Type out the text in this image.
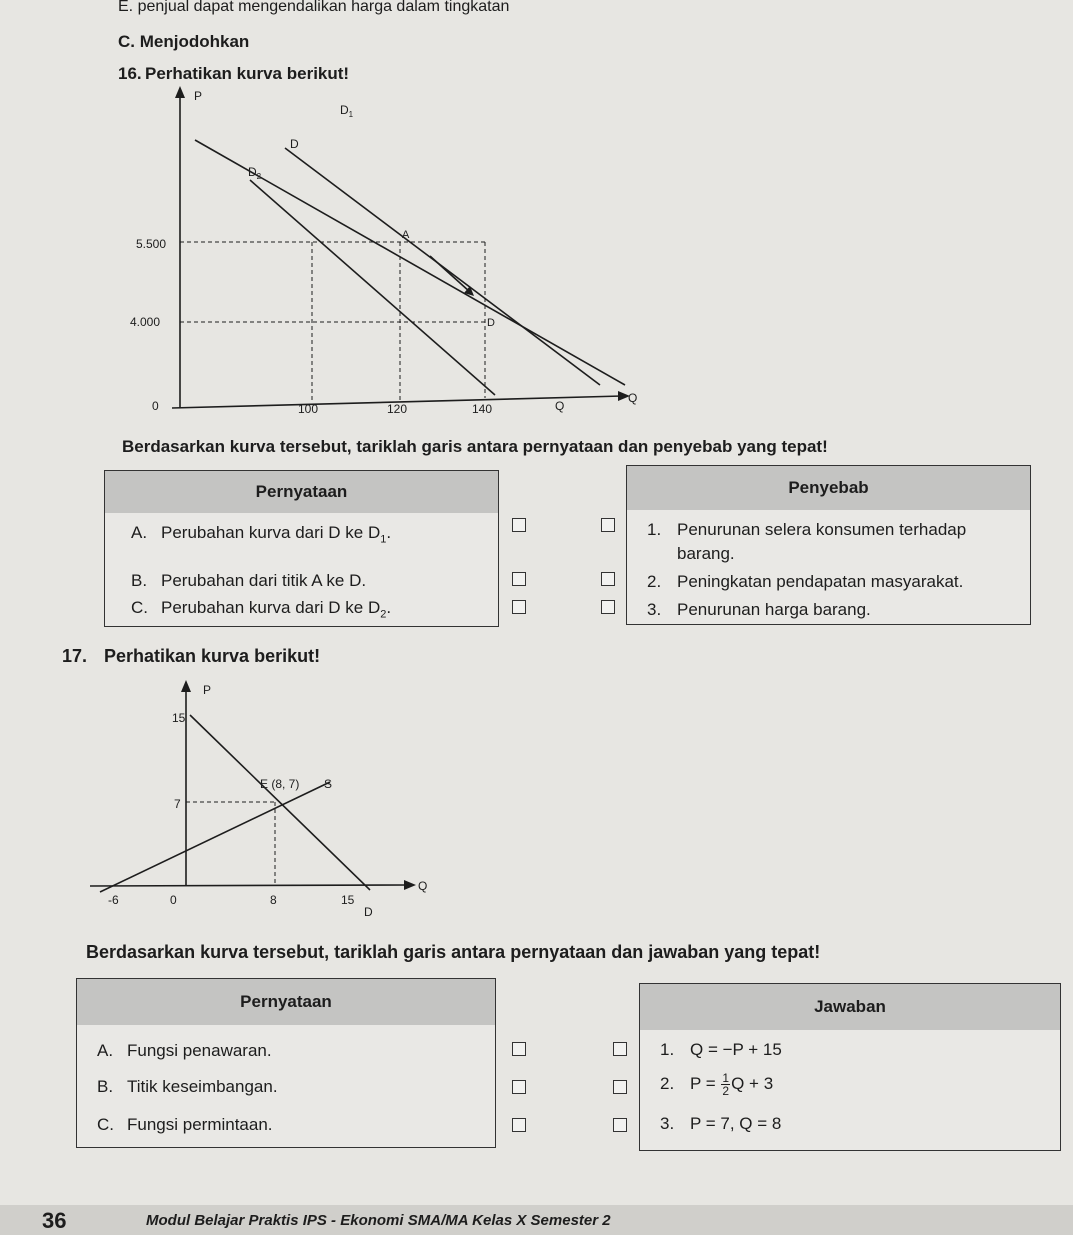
E. penjual dapat mengendalikan harga dalam tingkatan
C. Menjodohkan
16. Perhatikan kurva berikut!
P
Q
5.500
4.000
0	100	120	140	Q
D
$D_1$
$D_2$
A
D
Berdasarkan kurva tersebut, tariklah garis antara pernyataan dan penyebab yang tepat!
Pernyataan
A. Perubahan kurva dari D ke $D_1$.
B. Perubahan dari titik A ke D.
C. Perubahan kurva dari D ke $D_2$.
Penyebab
1. Penurunan selera konsumen terhadap
barang.
2. Peningkatan pendapatan masyarakat.
3. Penurunan harga barang.
17. Perhatikan kurva berikut!
P
Q
15
7
-6	0	8	15
E (8, 7) S
D
Berdasarkan kurva tersebut, tariklah garis antara pernyataan dan jawaban yang tepat!
Pernyataan
A. Fungsi penawaran.
B. Titik keseimbangan.
C. Fungsi permintaan.
Jawaban
1. Q = −P + 15
2. $P = \frac{1}{2}$ Q + 3
3. P = 7, Q = 8
36	Modul Belajar Praktis IPS - Ekonomi SMA/MA Kelas X Semester 2
